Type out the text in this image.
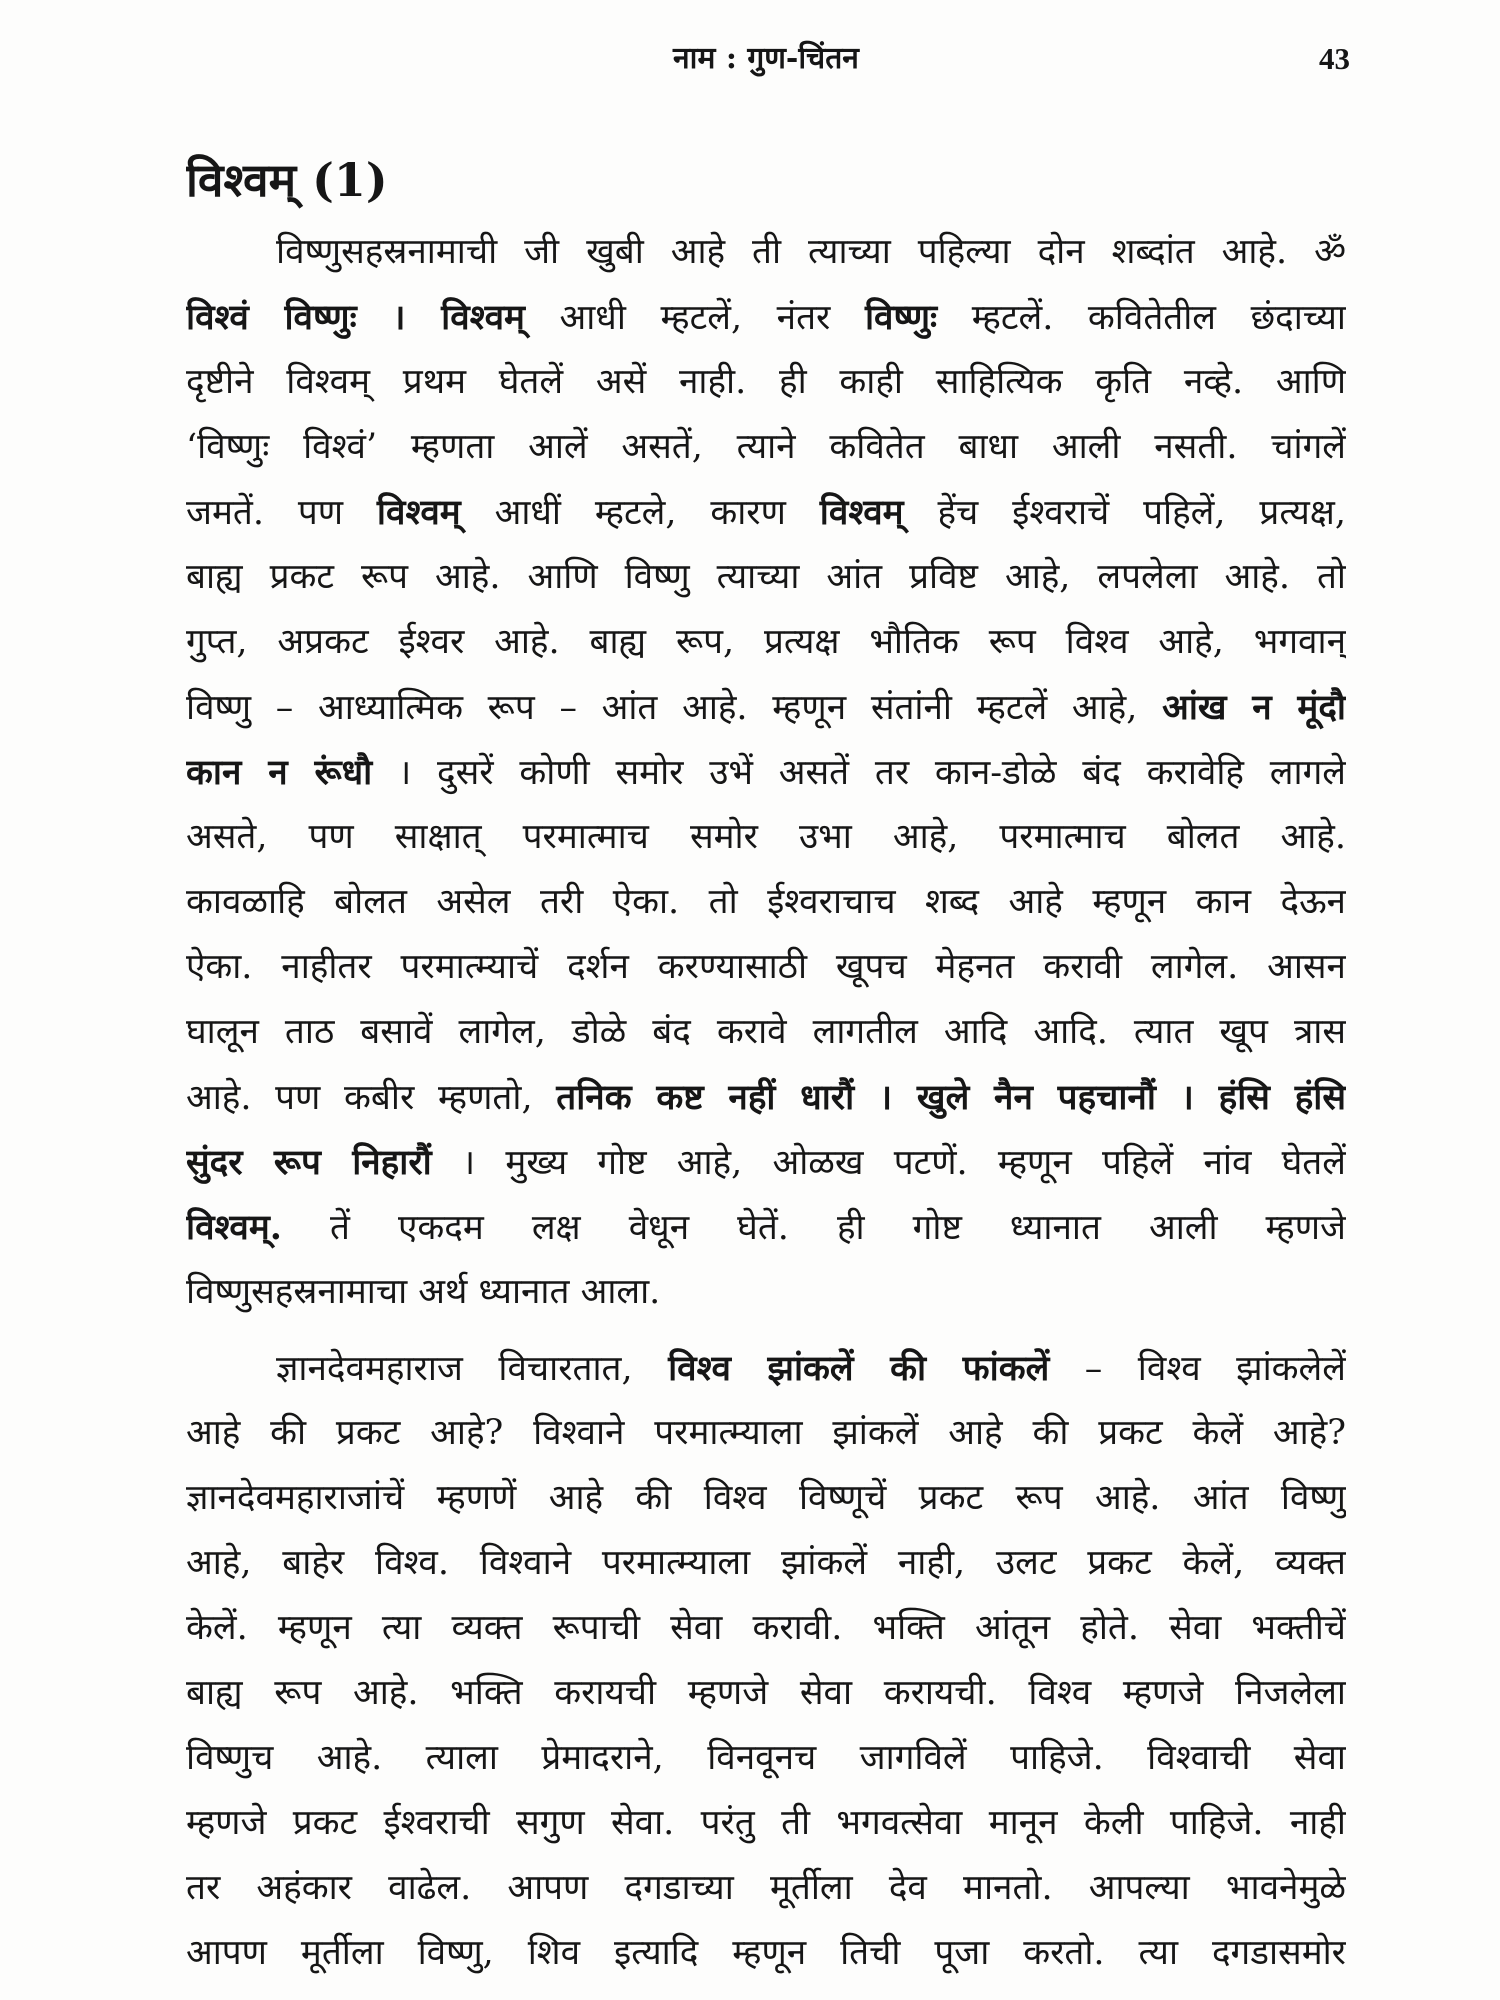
नाम : गुण-चिंतन	43
विश्वम् (1)
विष्णुसहस्रनामाची जी खुबी आहे ती त्याच्या पहिल्या दोन शब्दांत आहे. ॐ
विश्वं विष्णुः । विश्वम् आधी म्हटलें, नंतर विष्णुः म्हटलें. कवितेतील छंदाच्या
दृष्टीने विश्वम् प्रथम घेतलें असें नाही. ही काही साहित्यिक कृति नव्हे. आणि
‘विष्णुः विश्वं’ म्हणता आलें असतें, त्याने कवितेत बाधा आली नसती. चांगलें
जमतें. पण विश्वम् आधीं म्हटले, कारण विश्वम् हेंच ईश्वराचें पहिलें, प्रत्यक्ष,
बाह्य प्रकट रूप आहे. आणि विष्णु त्याच्या आंत प्रविष्ट आहे, लपलेला आहे. तो
गुप्त, अप्रकट ईश्वर आहे. बाह्य रूप, प्रत्यक्ष भौतिक रूप विश्व आहे, भगवान्
विष्णु – आध्यात्मिक रूप – आंत आहे. म्हणून संतांनी म्हटलें आहे, आंख न मूंदौ
कान न रूंधौ । दुसरें कोणी समोर उभें असतें तर कान-डोळे बंद करावेहि लागले
असते, पण साक्षात् परमात्माच समोर उभा आहे, परमात्माच बोलत आहे.
कावळाहि बोलत असेल तरी ऐका. तो ईश्वराचाच शब्द आहे म्हणून कान देऊन
ऐका. नाहीतर परमात्म्याचें दर्शन करण्यासाठी खूपच मेहनत करावी लागेल. आसन
घालून ताठ बसावें लागेल, डोळे बंद करावे लागतील आदि आदि. त्यात खूप त्रास
आहे. पण कबीर म्हणतो, तनिक कष्ट नहीं धारौं । खुले नैन पहचानौं । हंसि हंसि
सुंदर रूप निहारौं । मुख्य गोष्ट आहे, ओळख पटणें. म्हणून पहिलें नांव घेतलें
विश्वम्. तें एकदम लक्ष वेधून घेतें. ही गोष्ट ध्यानात आली म्हणजे
विष्णुसहस्रनामाचा अर्थ ध्यानात आला.
ज्ञानदेवमहाराज विचारतात, विश्व झांकलें की फांकलें – विश्व झांकलेलें
आहे की प्रकट आहे? विश्वाने परमात्म्याला झांकलें आहे की प्रकट केलें आहे?
ज्ञानदेवमहाराजांचें म्हणणें आहे की विश्व विष्णूचें प्रकट रूप आहे. आंत विष्णु
आहे, बाहेर विश्व. विश्वाने परमात्म्याला झांकलें नाही, उलट प्रकट केलें, व्यक्त
केलें. म्हणून त्या व्यक्त रूपाची सेवा करावी. भक्ति आंतून होते. सेवा भक्तीचें
बाह्य रूप आहे. भक्ति करायची म्हणजे सेवा करायची. विश्व म्हणजे निजलेला
विष्णुच आहे. त्याला प्रेमादराने, विनवूनच जागविलें पाहिजे. विश्वाची सेवा
म्हणजे प्रकट ईश्वराची सगुण सेवा. परंतु ती भगवत्सेवा मानून केली पाहिजे. नाही
तर अहंकार वाढेल. आपण दगडाच्या मूर्तीला देव मानतो. आपल्या भावनेमुळे
आपण मूर्तीला विष्णु, शिव इत्यादि म्हणून तिची पूजा करतो. त्या दगडासमोर
